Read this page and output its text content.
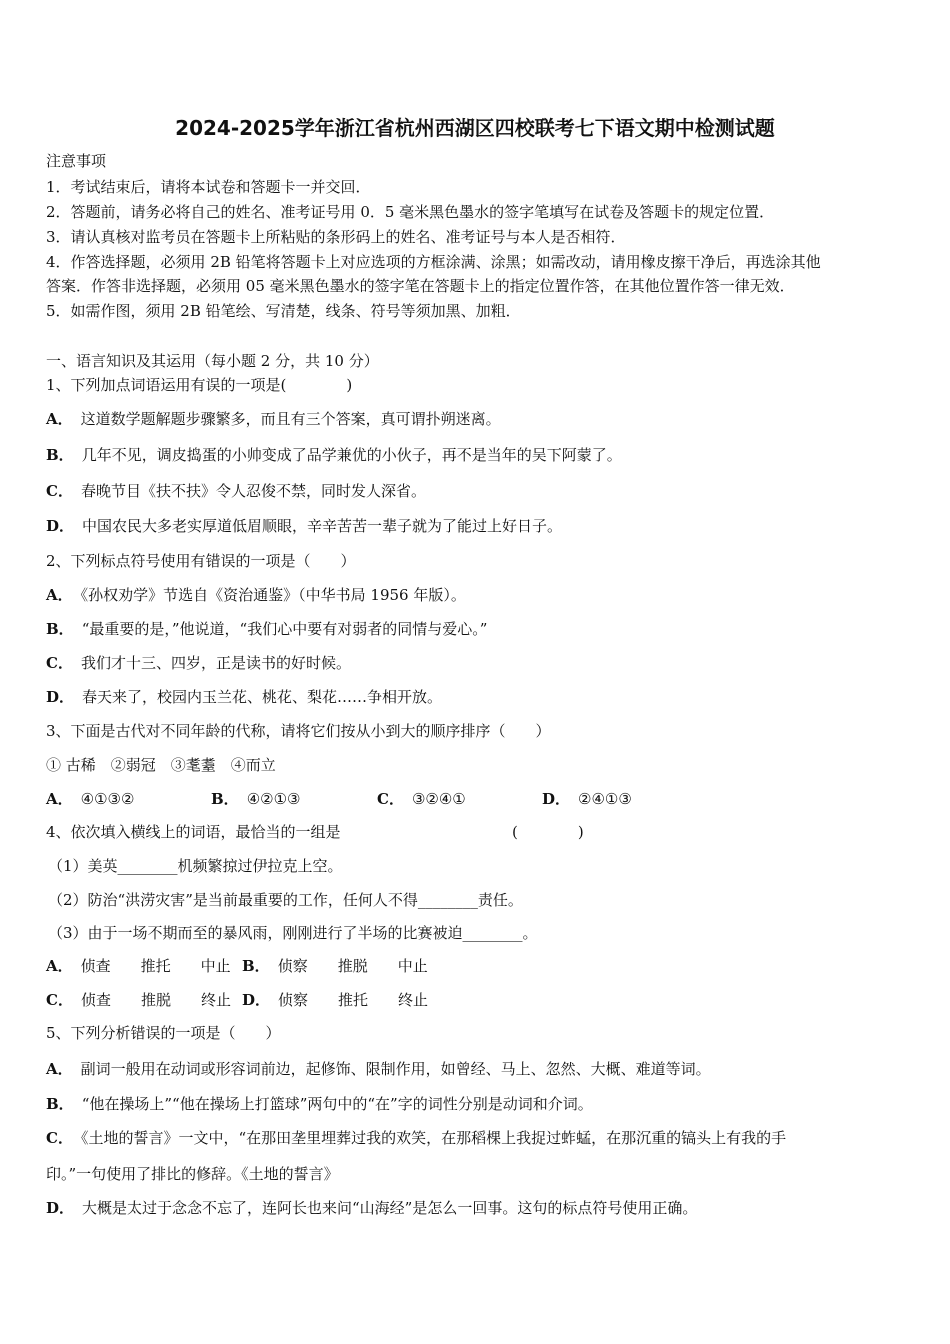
2024-2025学年浙江省杭州西湖区四校联考七下语文期中检测试题
注意事项
1．考试结束后，请将本试卷和答题卡一并交回．
2．答题前，请务必将自己的姓名、准考证号用 0．5 毫米黑色墨水的签字笔填写在试卷及答题卡的规定位置．
3．请认真核对监考员在答题卡上所粘贴的条形码上的姓名、准考证号与本人是否相符．
4．作答选择题，必须用 2B 铅笔将答题卡上对应选项的方框涂满、涂黑；如需改动，请用橡皮擦干净后，再选涂其他
答案．作答非选择题，必须用 05 毫米黑色墨水的签字笔在答题卡上的指定位置作答，在其他位置作答一律无效．
5．如需作图，须用 2B 铅笔绘、写清楚，线条、符号等须加黑、加粗．
一、语言知识及其运用（每小题 2 分，共 10 分）
1、下列加点词语运用有误的一项是(　　　　)
A． 这道数学题解题步骤繁多，而且有三个答案，真可谓扑朔迷离。
B． 几年不见，调皮捣蛋的小帅变成了品学兼优的小伙子，再不是当年的吴下阿蒙了。
C． 春晚节目《扶不扶》令人忍俊不禁，同时发人深省。
D． 中国农民大多老实厚道低眉顺眼，辛辛苦苦一辈子就为了能过上好日子。
2、下列标点符号使用有错误的一项是（　　）
A． 《孙权劝学》节选自《资治通鉴》（中华书局 1956 年版）。
B． “最重要的是，”他说道，“我们心中要有对弱者的同情与爱心。”
C． 我们才十三、四岁，正是读书的好时候。
D． 春天来了，校园内玉兰花、桃花、梨花……争相开放。
3、下面是古代对不同年龄的代称，请将它们按从小到大的顺序排序（　　）
① 古稀　②弱冠　③耄耋　④而立
A． ④①③②	B． ④②①③	C． ③②④①	D． ②④①③
4、依次填入横线上的词语，最恰当的一组是	(　　　　)
（1）美英________机频繁掠过伊拉克上空。
（2）防治“洪涝灾害”是当前最重要的工作，任何人不得________责任。
（3）由于一场不期而至的暴风雨，刚刚进行了半场的比赛被迫________。
A． 侦查　　推托　　中止 B． 侦察　　推脱　　中止
C． 侦查　　推脱　　终止 D． 侦察　　推托　　终止
5、下列分析错误的一项是（　　）
A． 副词一般用在动词或形容词前边，起修饰、限制作用，如曾经、马上、忽然、大概、难道等词。
B． “他在操场上”“他在操场上打篮球”两句中的“在”字的词性分别是动词和介词。
C． 《土地的誓言》一文中，“在那田垄里埋葬过我的欢笑，在那稻棵上我捉过蚱蜢，在那沉重的镐头上有我的手
印。”一句使用了排比的修辞。《土地的誓言》
D． 大概是太过于念念不忘了，连阿长也来问“山海经”是怎么一回事。这句的标点符号使用正确。
